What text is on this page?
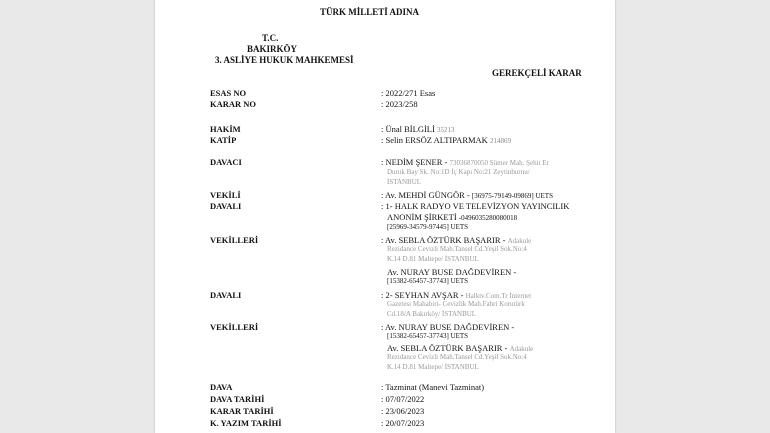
TÜRK MİLLETİ ADINA
T.C.
BAKIRKÖY
3. ASLİYE HUKUK MAHKEMESİ
GEREKÇELİ KARAR
ESAS NO	: 2022/271 Esas
KARAR NO	: 2023/258
HAKİM	: Ünal BİLGİLİ 35213
KATİP	: Selin ERSÖZ ALTIPARMAK 214869
DAVACI	: NEDİM ŞENER - 73036870050 Sümer Mah. Şehit Er
Duruk Bay Sk. No:1D İç Kapı No:21 Zeytinburnu/
İSTANBUL
VEKİLİ	: Av. MEHDİ GÜNGÖR - [36975-79149-09869] UETS
DAVALI	: 1- HALK RADYO VE TELEVİZYON YAYINCILIK
ANONİM ŞİRKETİ -0496035280080018
[25969-34579-97445] UETS
VEKİLLERİ	: Av. SEBLA ÖZTÜRK BAŞARIR - Adakule
Rezidance Cevizli Mah.Tansel Cd.Yeşil Sok.No:4
K.14 D.81 Maltepe/ İSTANBUL
Av. NURAY BUSE DAĞDEVİREN -
[15382-65457-37743] UETS
DAVALI	: 2- SEYHAN AVŞAR - Halktv.Com.Tr İnternet
Gazetesi Mahabiri- Cevizlik Mah.Fahri Korutürk
Cd.18/A Bakırköy/ İSTANBUL
VEKİLLERİ	: Av. NURAY BUSE DAĞDEVİREN -
[15382-65457-37743] UETS
Av. SEBLA ÖZTÜRK BAŞARIR - Adakule
Rezidance Cevizli Mah.Tansel Cd.Yeşil Sok.No:4
K.14 D.81 Maltepe/ İSTANBUL
DAVA	: Tazminat (Manevi Tazminat)
DAVA TARİHİ	: 07/07/2022
KARAR TARİHİ	: 23/06/2023
K. YAZIM TARİHİ	: 20/07/2023
